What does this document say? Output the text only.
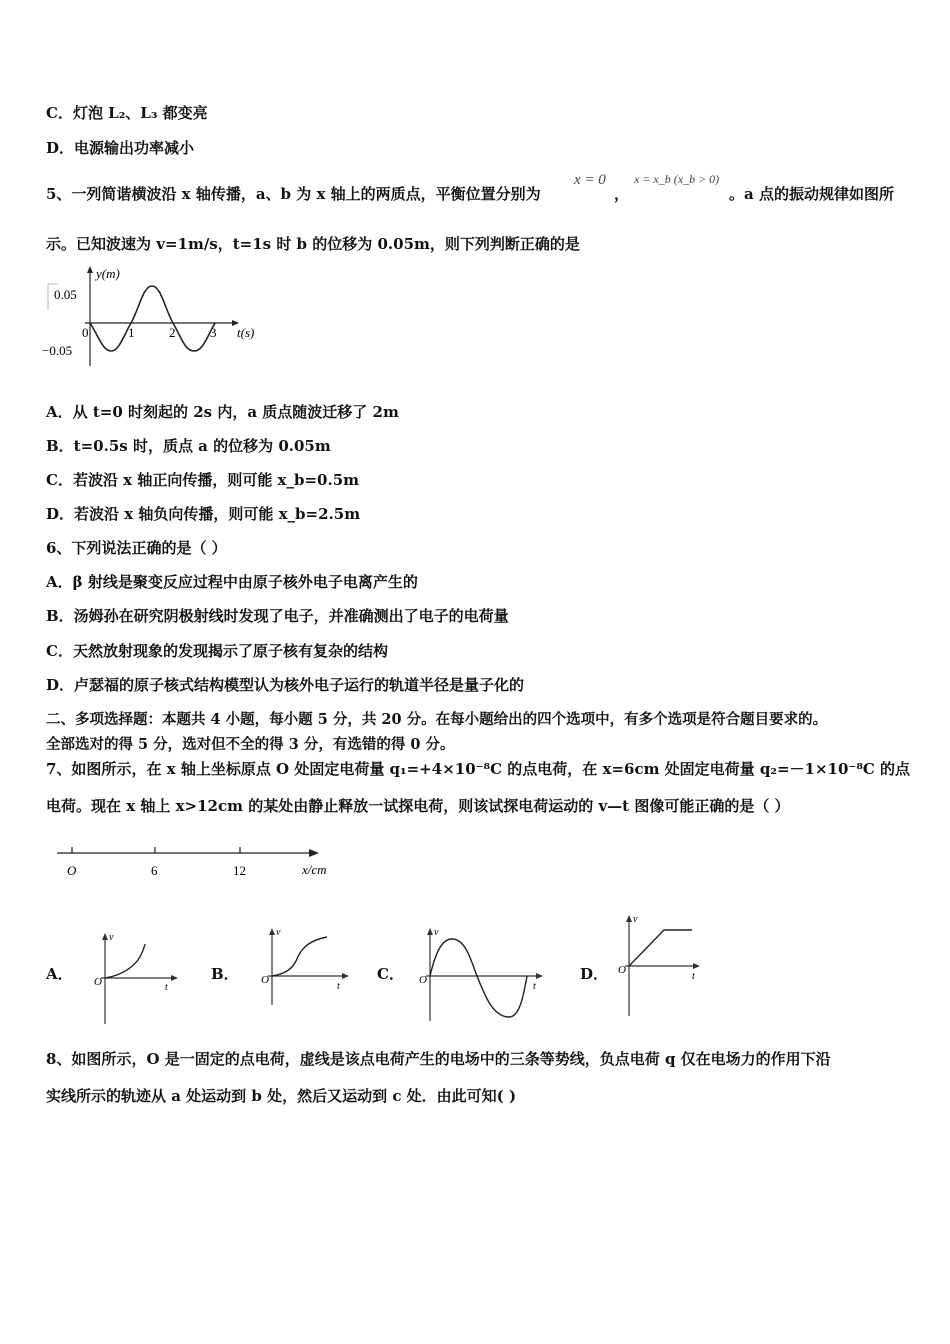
C．灯泡 L₂、L₃ 都变亮
D．电源输出功率减小
5、一列简谐横波沿 x 轴传播，a、b 为 x 轴上的两质点，平衡位置分别为
x = 0
，
x = x_b (x_b > 0)
。a 点的振动规律如图所
示。已知波速为 v=1m/s，t=1s 时 b 的位移为 0.05m，则下列判断正确的是
y(m)
t(s)
0.05
−0.05
0	1	2	3
A．从 t=0 时刻起的 2s 内，a 质点随波迁移了 2m
B．t=0.5s 时，质点 a 的位移为 0.05m
C．若波沿 x 轴正向传播，则可能 x_b=0.5m
D．若波沿 x 轴负向传播，则可能 x_b=2.5m
6、下列说法正确的是（ ）
A．β 射线是聚变反应过程中由原子核外电子电离产生的
B．汤姆孙在研究阴极射线时发现了电子，并准确测出了电子的电荷量
C．天然放射现象的发现揭示了原子核有复杂的结构
D．卢瑟福的原子核式结构模型认为核外电子运行的轨道半径是量子化的
二、多项选择题：本题共 4 小题，每小题 5 分，共 20 分。在每小题给出的四个选项中，有多个选项是符合题目要求的。
全部选对的得 5 分，选对但不全的得 3 分，有选错的得 0 分。
7、如图所示，在 x 轴上坐标原点 O 处固定电荷量 q₁=+4×10⁻⁸C 的点电荷，在 x=6cm 处固定电荷量 q₂=－1×10⁻⁸C 的点
电荷。现在 x 轴上 x>12cm 的某处由静止释放一试探电荷，则该试探电荷运动的 v—t 图像可能正确的是（ ）
O	6	12	x/cm
A．
v
O	t
B．
v
O
t
C．
v
O
t
D．
v
O
t
8、如图所示，O 是一固定的点电荷，虚线是该点电荷产生的电场中的三条等势线，负点电荷 q 仅在电场力的作用下沿
实线所示的轨迹从 a 处运动到 b 处，然后又运动到 c 处．由此可知( )
